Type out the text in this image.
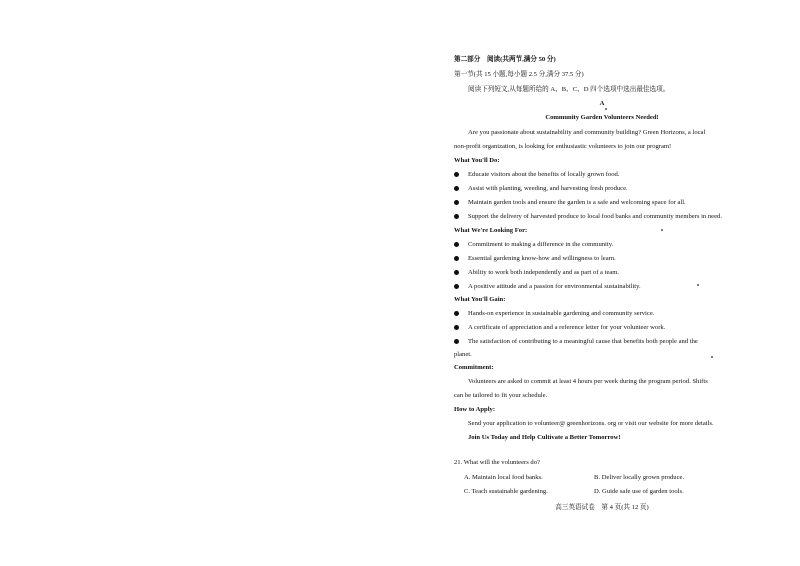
第二部分　阅读(共两节,满分 50 分)
第一节(共 15 小题,每小题 2.5 分,满分 37.5 分)
阅读下列短文,从每题所给的 A、B、C、D 四个选项中选出最佳选项。
A
Community Garden Volunteers Needed!
Are you passionate about sustainability and community building? Green Horizons, a local
non-profit organization, is looking for enthusiastic volunteers to join our program!
What You'll Do:
Educate visitors about the benefits of locally grown food.
Assist with planting, weeding, and harvesting fresh produce.
Maintain garden tools and ensure the garden is a safe and welcoming space for all.
Support the delivery of harvested produce to local food banks and community members in need.
What We're Looking For:
Commitment to making a difference in the community.
Essential gardening know-how and willingness to learn.
Ability to work both independently and as part of a team.
A positive attitude and a passion for environmental sustainability.
What You'll Gain:
Hands-on experience in sustainable gardening and community service.
A certificate of appreciation and a reference letter for your volunteer work.
The satisfaction of contributing to a meaningful cause that benefits both people and the
planet.
Commitment:
Volunteers are asked to commit at least 4 hours per week during the program period. Shifts
can be tailored to fit your schedule.
How to Apply:
Send your application to volunteer@ greenhorizons. org or visit our website for more details.
Join Us Today and Help Cultivate a Better Tomorrow!
21. What will the volunteers do?
A. Maintain local food banks.	B. Deliver locally grown produce.
C. Teach sustainable gardening.	D. Guide safe use of garden tools.
高三英语试卷　第 4 页(共 12 页)
